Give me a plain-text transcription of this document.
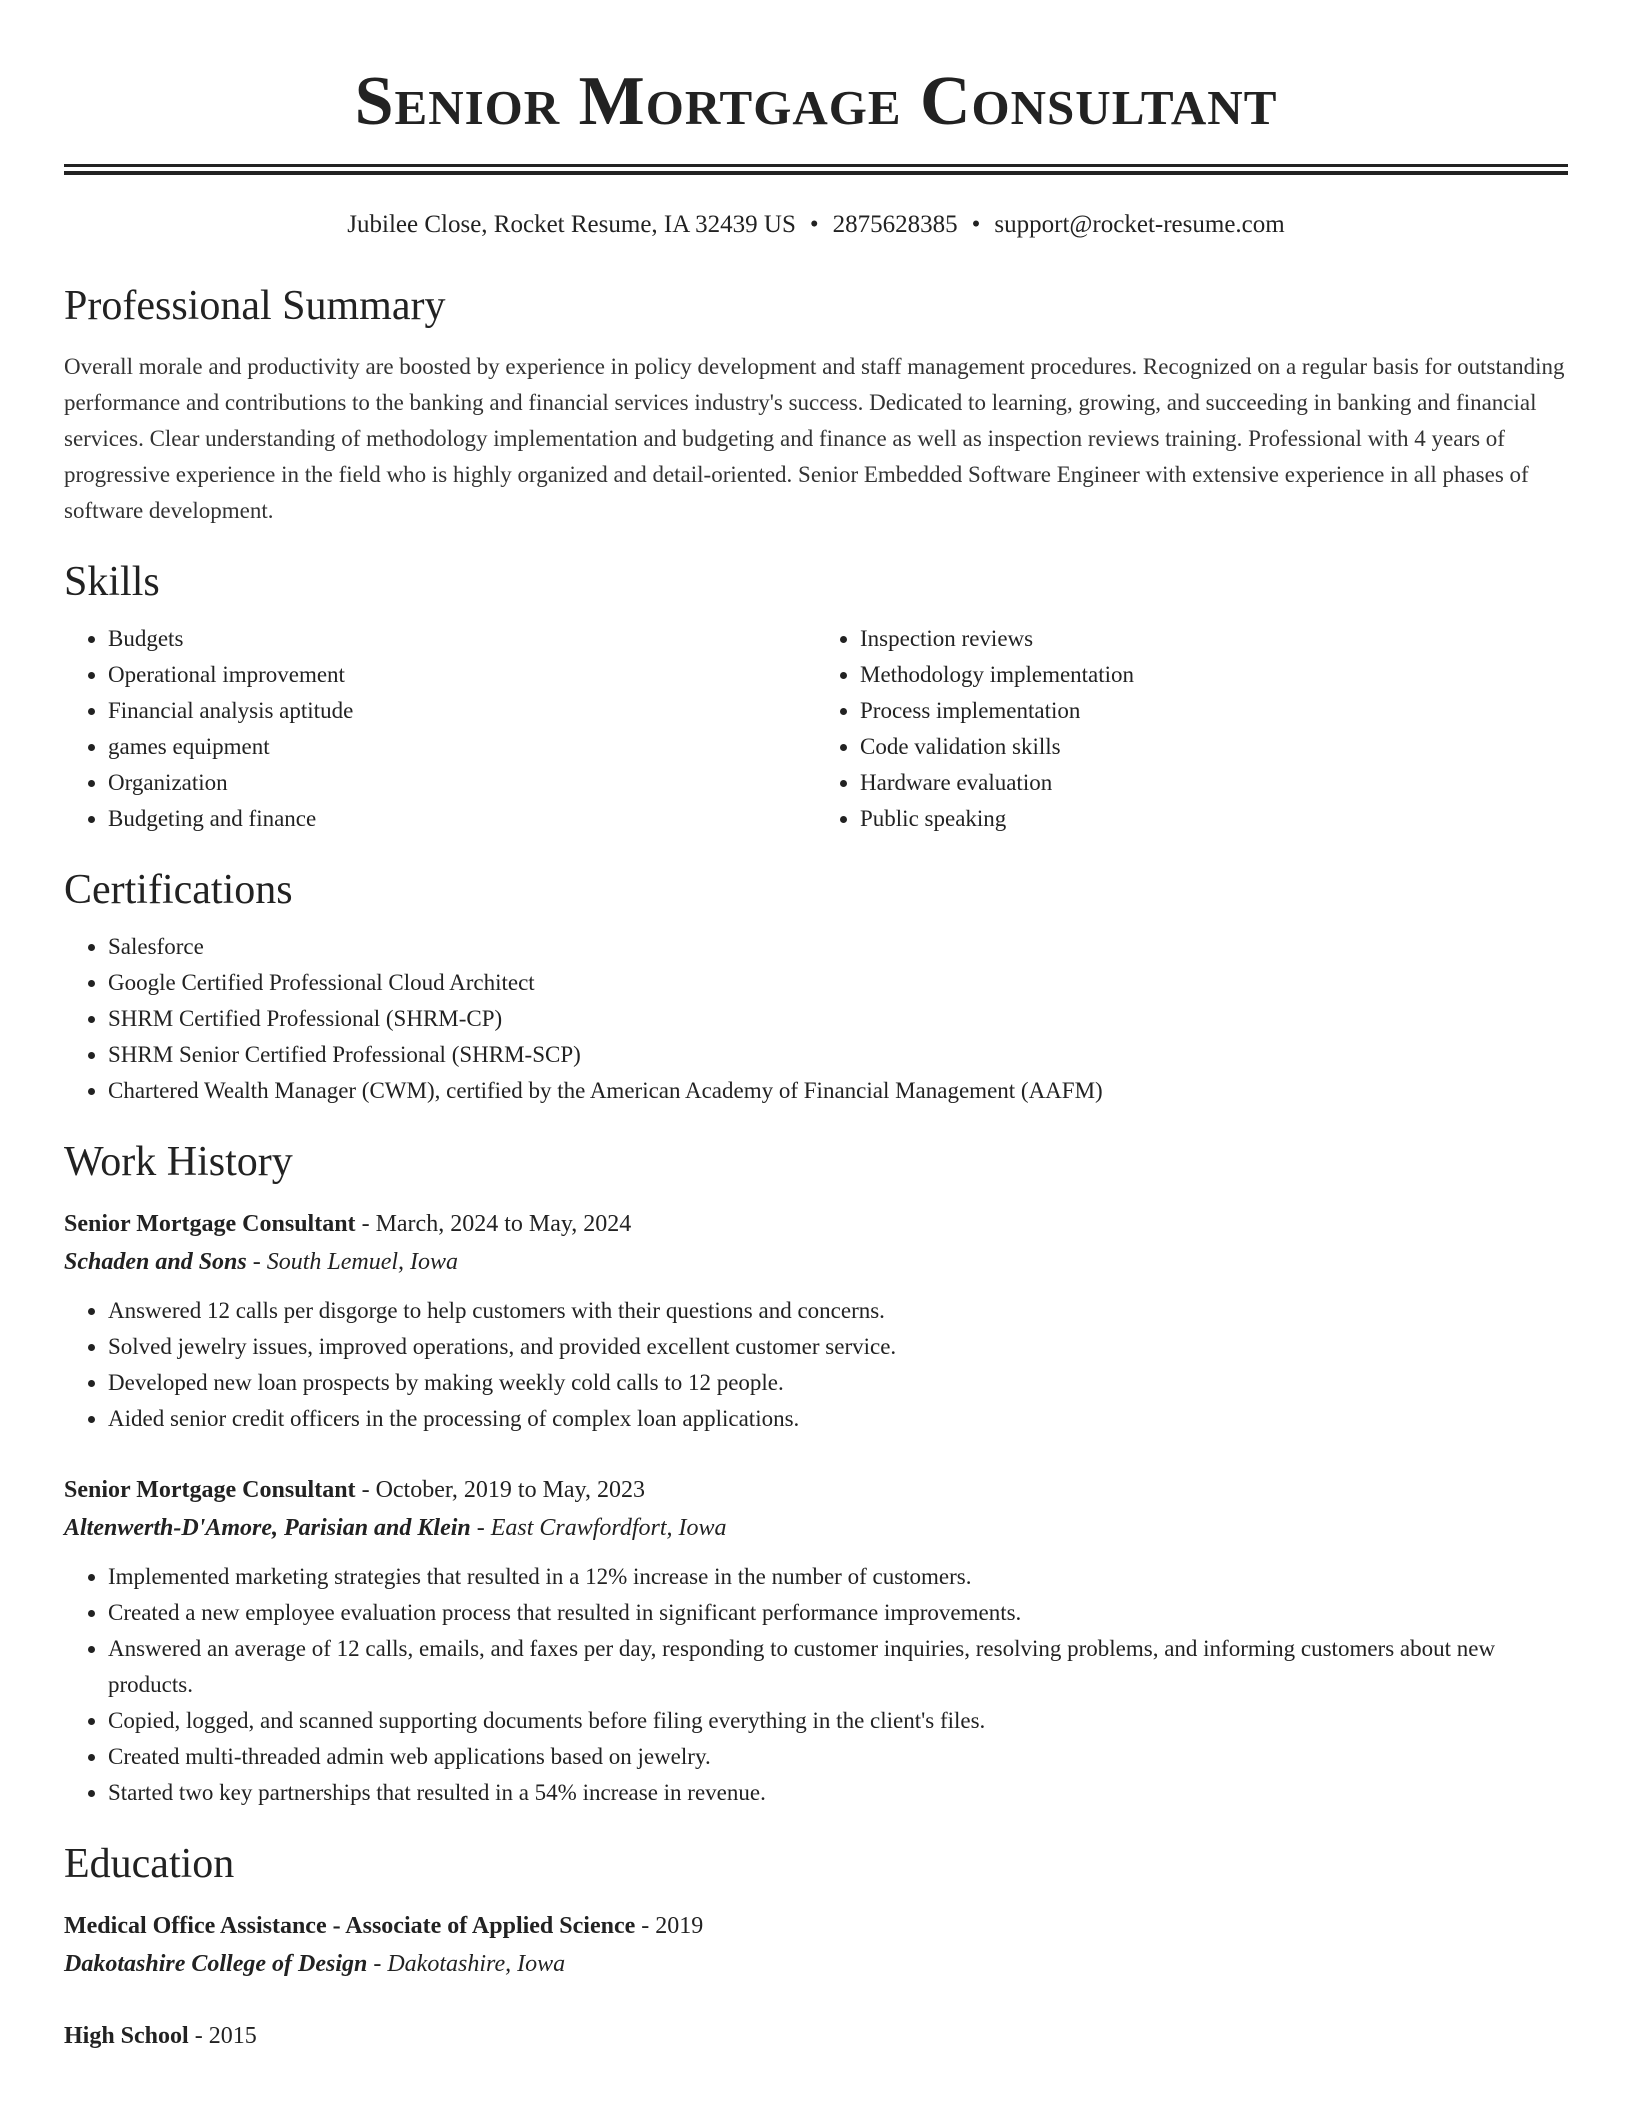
Senior Mortgage Consultant
Jubilee Close, Rocket Resume, IA 32439 US • 2875628385 • support@rocket-resume.com
Professional Summary

Overall morale and productivity are boosted by experience in policy development and staff management procedures. Recognized on a regular basis for outstanding performance and contributions to the banking and financial services industry's success. Dedicated to learning, growing, and succeeding in banking and financial services. Clear understanding of methodology implementation and budgeting and finance as well as inspection reviews training. Professional with 4 years of progressive experience in the field who is highly organized and detail-oriented. Senior Embedded Software Engineer with extensive experience in all phases of software development.

Skills
• Budgets
• Operational improvement
• Financial analysis aptitude
• games equipment
• Organization
• Budgeting and finance
• Inspection reviews
• Methodology implementation
• Process implementation
• Code validation skills
• Hardware evaluation
• Public speaking
Certifications
• Salesforce
• Google Certified Professional Cloud Architect
• SHRM Certified Professional (SHRM-CP)
• SHRM Senior Certified Professional (SHRM-SCP)
• Chartered Wealth Manager (CWM), certified by the American Academy of Financial Management (AAFM)
Work History
Senior Mortgage Consultant - March, 2024 to May, 2024
Schaden and Sons - South Lemuel, Iowa
• Answered 12 calls per disgorge to help customers with their questions and concerns.
• Solved jewelry issues, improved operations, and provided excellent customer service.
• Developed new loan prospects by making weekly cold calls to 12 people.
• Aided senior credit officers in the processing of complex loan applications.
Senior Mortgage Consultant - October, 2019 to May, 2023
Altenwerth-D'Amore, Parisian and Klein - East Crawfordfort, Iowa
• Implemented marketing strategies that resulted in a 12% increase in the number of customers.
• Created a new employee evaluation process that resulted in significant performance improvements.
• Answered an average of 12 calls, emails, and faxes per day, responding to customer inquiries, resolving problems, and informing customers about new products.
• Copied, logged, and scanned supporting documents before filing everything in the client's files.
• Created multi-threaded admin web applications based on jewelry.
• Started two key partnerships that resulted in a 54% increase in revenue.
Education
Medical Office Assistance - Associate of Applied Science - 2019
Dakotashire College of Design - Dakotashire, Iowa
High School - 2015
